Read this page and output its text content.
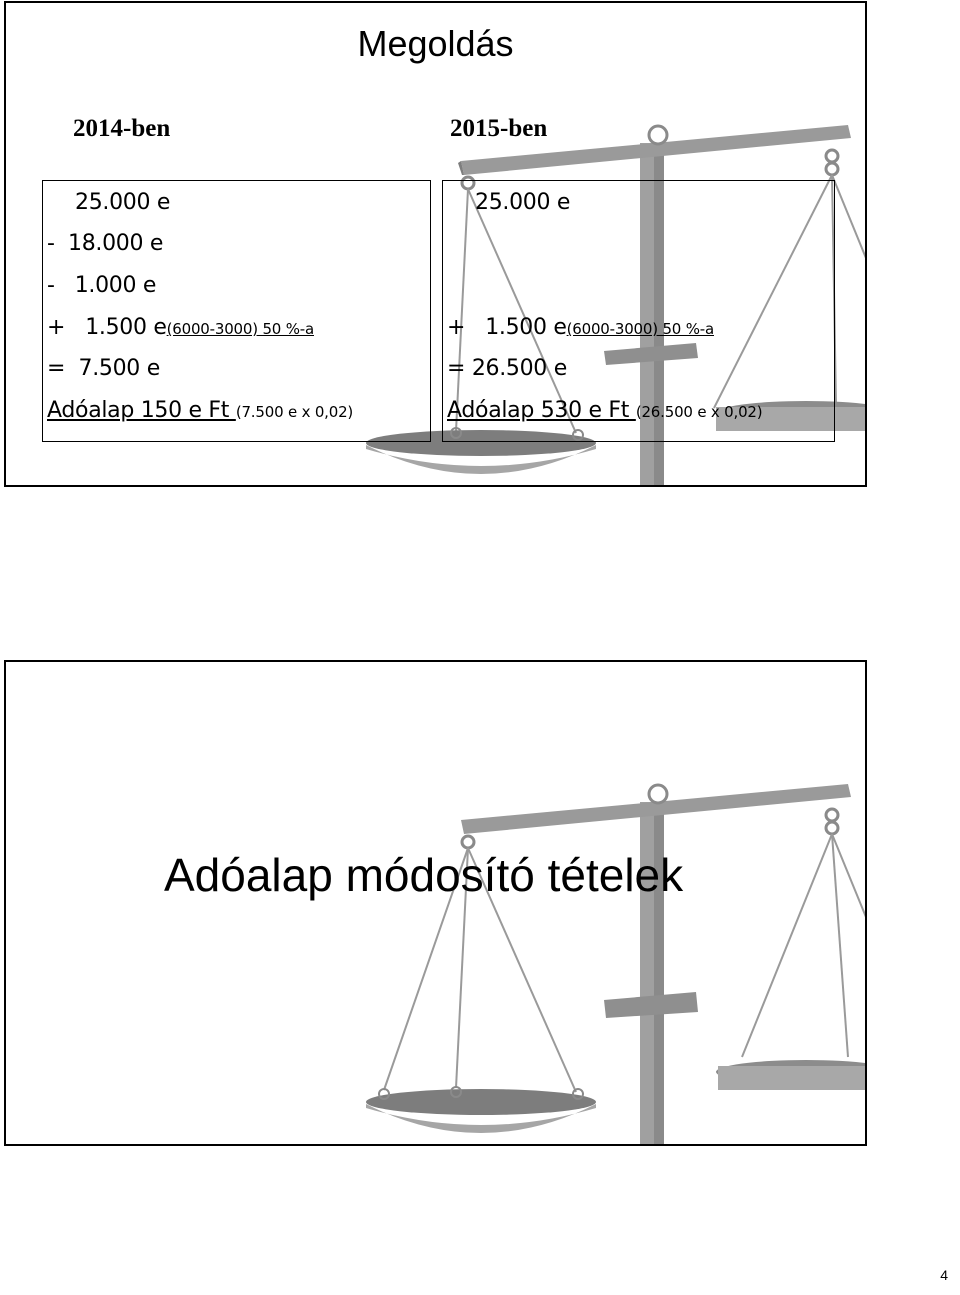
Megoldás
2014-ben	2015-ben
25.000 e
-  18.000 e
-   1.000 e
+   1.500 e(6000-3000) 50 %-a
=  7.500 e
Adóalap 150 e Ft (7.500 e x 0,02)
25.000 e
+   1.500 e(6000-3000) 50 %-a
= 26.500 e
Adóalap 530 e Ft (26.500 e x 0,02)
Adóalap módosító tételek
4
